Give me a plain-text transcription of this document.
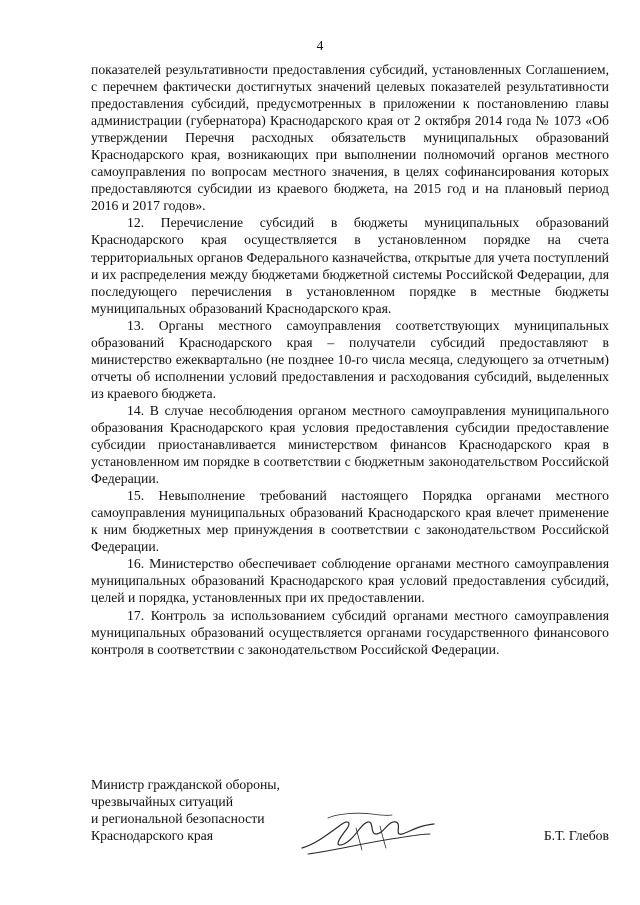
4

показателей результативности предоставления субсидий, установленных Соглашением, с перечнем фактически достигнутых значений целевых показателей результативности предоставления субсидий, предусмотренных в приложении к постановлению главы администрации (губернатора) Краснодарского края от 2 октября 2014 года № 1073 «Об утверждении Перечня расходных обязательств муниципальных образований Краснодарского края, возникающих при выполнении полномочий органов местного самоуправления по вопросам местного значения, в целях софинансирования которых предоставляются субсидии из краевого бюджета, на 2015 год и на плановый период 2016 и 2017 годов».

12. Перечисление субсидий в бюджеты муниципальных образований Краснодарского края осуществляется в установленном порядке на счета территориальных органов Федерального казначейства, открытые для учета поступлений и их распределения между бюджетами бюджетной системы Российской Федерации, для последующего перечисления в установленном порядке в местные бюджеты муниципальных образований Краснодарского края.

13. Органы местного самоуправления соответствующих муниципальных образований Краснодарского края – получатели субсидий предоставляют в министерство ежеквартально (не позднее 10-го числа месяца, следующего за отчетным) отчеты об исполнении условий предоставления и расходования субсидий, выделенных из краевого бюджета.

14. В случае несоблюдения органом местного самоуправления муниципального образования Краснодарского края условия предоставления субсидии предоставление субсидии приостанавливается министерством финансов Краснодарского края в установленном им порядке в соответствии с бюджетным законодательством Российской Федерации.

15. Невыполнение требований настоящего Порядка органами местного самоуправления муниципальных образований Краснодарского края влечет применение к ним бюджетных мер принуждения в соответствии с законодательством Российской Федерации.

16. Министерство обеспечивает соблюдение органами местного самоуправления муниципальных образований Краснодарского края условий предоставления субсидий, целей и порядка, установленных при их предоставлении.

17. Контроль за использованием субсидий органами местного самоуправления муниципальных образований осуществляется органами государственного финансового контроля в соответствии с законодательством Российской Федерации.

Министр гражданской обороны,
чрезвычайных ситуаций
и региональной безопасности
Краснодарского края	Б.Т. Глебов
